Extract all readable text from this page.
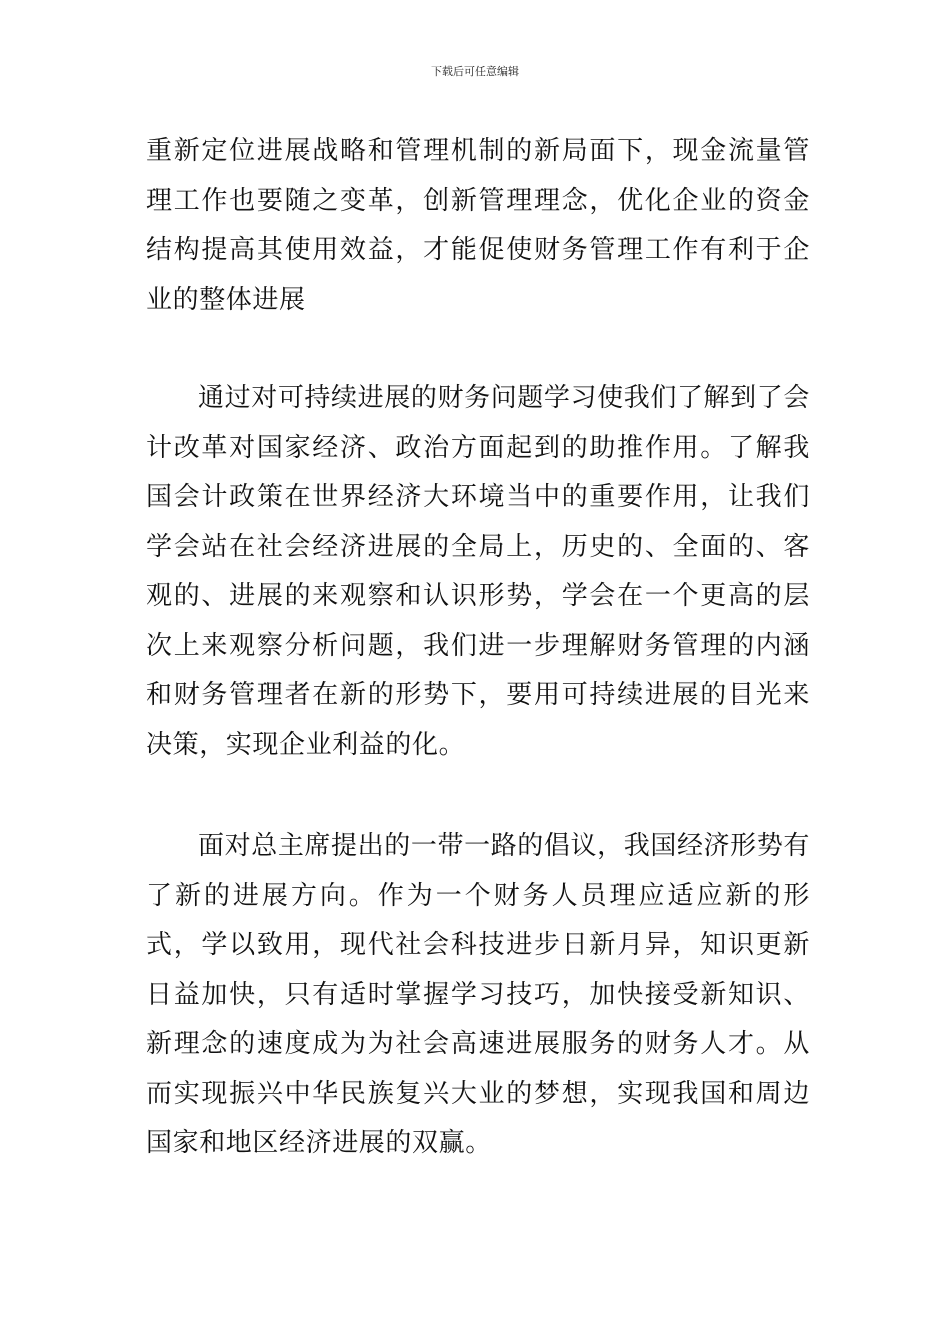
下载后可任意编辑

重新定位进展战略和管理机制的新局面下，现金流量管理工作也要随之变革，创新管理理念，优化企业的资金结构提高其使用效益，才能促使财务管理工作有利于企业的整体进展

通过对可持续进展的财务问题学习使我们了解到了会计改革对国家经济、政治方面起到的助推作用。了解我国会计政策在世界经济大环境当中的重要作用，让我们学会站在社会经济进展的全局上，历史的、全面的、客观的、进展的来观察和认识形势，学会在一个更高的层次上来观察分析问题，我们进一步理解财务管理的内涵和财务管理者在新的形势下，要用可持续进展的目光来决策，实现企业利益的化。

面对总主席提出的一带一路的倡议，我国经济形势有了新的进展方向。作为一个财务人员理应适应新的形式，学以致用，现代社会科技进步日新月异，知识更新日益加快，只有适时掌握学习技巧，加快接受新知识、新理念的速度成为为社会高速进展服务的财务人才。从而实现振兴中华民族复兴大业的梦想，实现我国和周边国家和地区经济进展的双赢。
